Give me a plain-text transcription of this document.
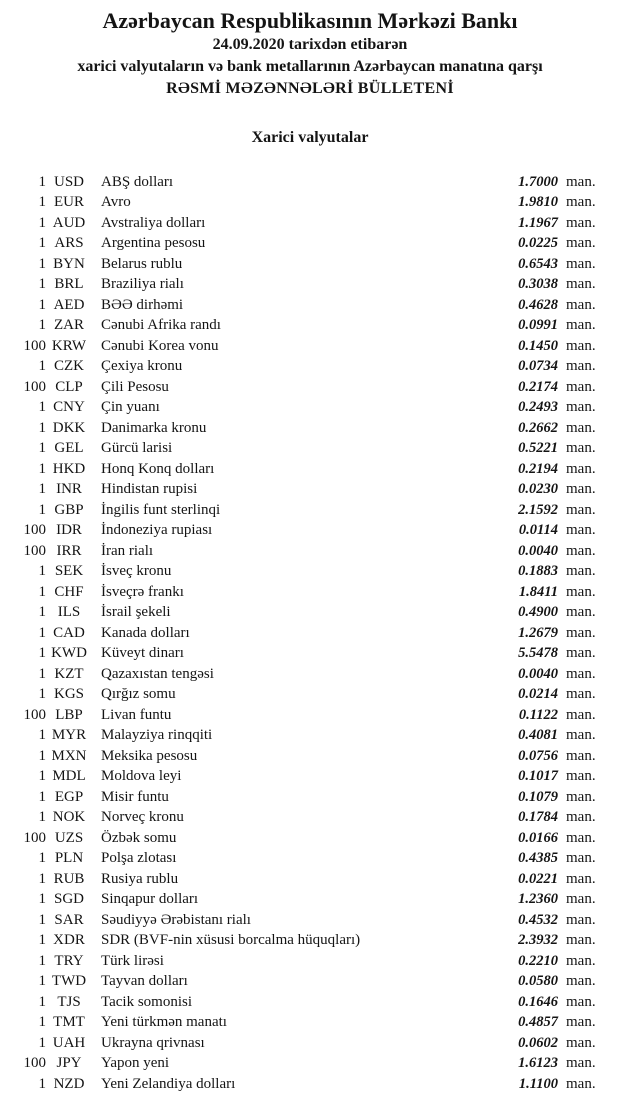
Azərbaycan Respublikasının Mərkəzi Bankı
24.09.2020 tarixdən etibarən
xarici valyutaların və bank metallarının Azərbaycan manatına qarşı
RƏSMİ MƏZƏNNƏLƏRİ BÜLLETENİ
Xarici valyutalar
1 USD	ABŞ dolları	1.7000 man.
1 EUR	Avro	1.9810 man.
1 AUD	Avstraliya dolları	1.1967 man.
1 ARS	Argentina pesosu	0.0225 man.
1 BYN	Belarus rublu	0.6543 man.
1 BRL	Braziliya rialı	0.3038 man.
1 AED	BƏƏ dirhəmi	0.4628 man.
1 ZAR	Cənubi Afrika randı	0.0991 man.
100 KRW Cənubi Korea vonu	0.1450 man.
1 CZK	Çexiya kronu	0.0734 man.
100 CLP	Çili Pesosu	0.2174 man.
1 CNY	Çin yuanı	0.2493 man.
1 DKK	Danimarka kronu	0.2662 man.
1 GEL	Gürcü larisi	0.5221 man.
1 HKD	Honq Konq dolları	0.2194 man.
1 INR	Hindistan rupisi	0.0230 man.
1 GBP	İngilis funt sterlinqi	2.1592 man.
100 IDR	İndoneziya rupiası	0.0114 man.
100 IRR	İran rialı	0.0040 man.
1 SEK	İsveç kronu	0.1883 man.
1 CHF	İsveçrə frankı	1.8411 man.
1 ILS	İsrail şekeli	0.4900 man.
1 CAD	Kanada dolları	1.2679 man.
1 KWD Küveyt dinarı	5.5478 man.
1 KZT	Qazaxıstan tengəsi	0.0040 man.
1 KGS	Qırğız somu	0.0214 man.
100 LBP	Livan funtu	0.1122 man.
1 MYR Malayziya rinqqiti	0.4081 man.
1 MXN Meksika pesosu	0.0756 man.
1 MDL	Moldova leyi	0.1017 man.
1 EGP	Misir funtu	0.1079 man.
1 NOK	Norveç kronu	0.1784 man.
100 UZS	Özbək somu	0.0166 man.
1 PLN	Polşa zlotası	0.4385 man.
1 RUB	Rusiya rublu	0.0221 man.
1 SGD	Sinqapur dolları	1.2360 man.
1 SAR	Səudiyyə Ərəbistanı rialı	0.4532 man.
1 XDR	SDR (BVF-nin xüsusi borcalma hüquqları)	2.3932 man.
1 TRY	Türk lirəsi	0.2210 man.
1 TWD Tayvan dolları	0.0580 man.
1 TJS	Tacik somonisi	0.1646 man.
1 TMT	Yeni türkmən manatı	0.4857 man.
1 UAH	Ukrayna qrivnası	0.0602 man.
100 JPY	Yapon yeni	1.6123 man.
1 NZD	Yeni Zelandiya dolları	1.1100 man.
